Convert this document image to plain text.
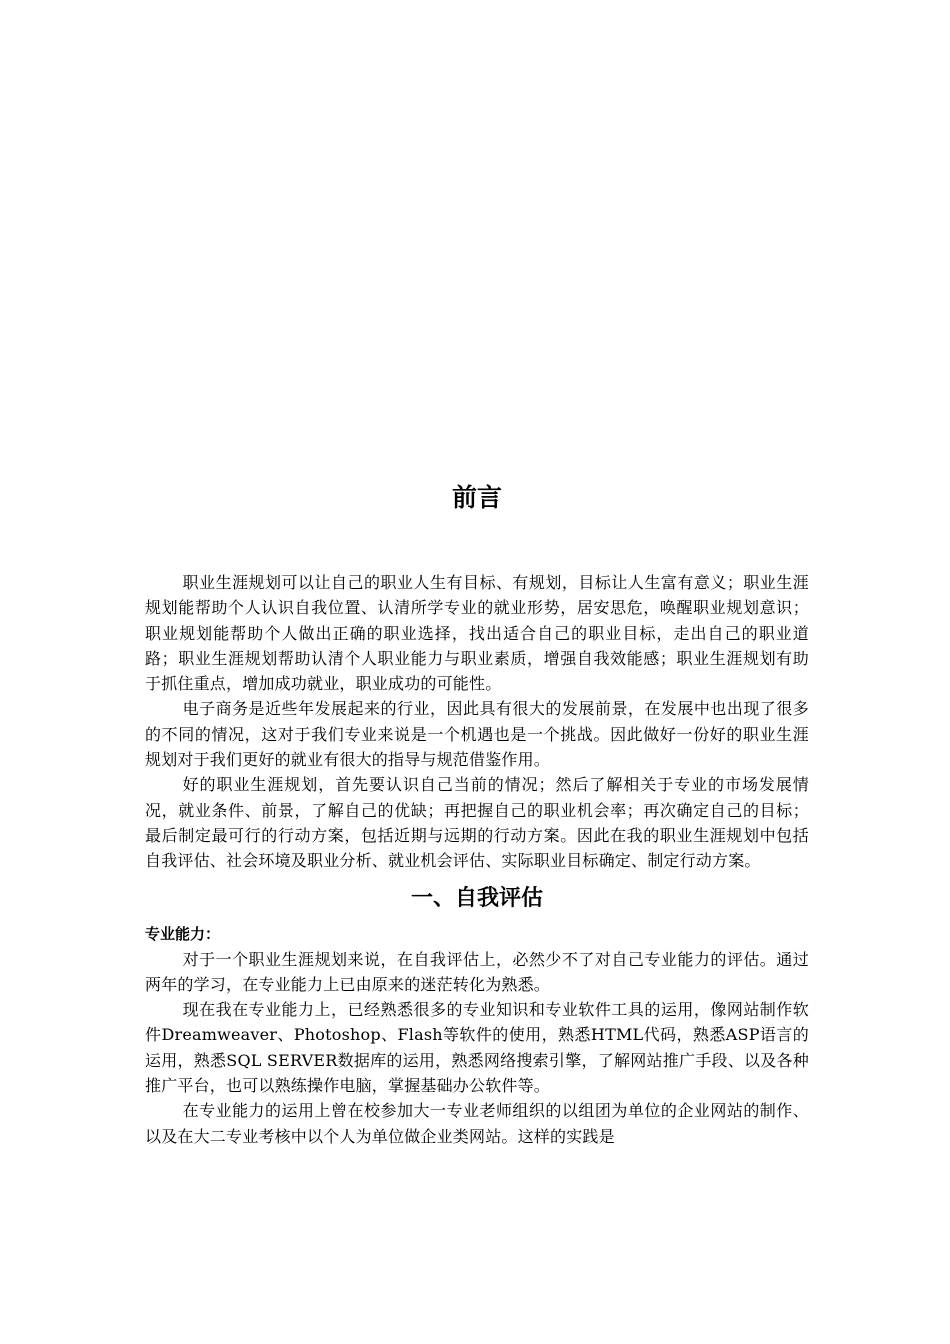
前言

职业生涯规划可以让自己的职业人生有目标、有规划，目标让人生富有意义；职业生涯规划能帮助个人认识自我位置、认清所学专业的就业形势，居安思危，唤醒职业规划意识；职业规划能帮助个人做出正确的职业选择，找出适合自己的职业目标，走出自己的职业道路；职业生涯规划帮助认清个人职业能力与职业素质，增强自我效能感；职业生涯规划有助于抓住重点，增加成功就业，职业成功的可能性。

电子商务是近些年发展起来的行业，因此具有很大的发展前景，在发展中也出现了很多的不同的情况，这对于我们专业来说是一个机遇也是一个挑战。因此做好一份好的职业生涯规划对于我们更好的就业有很大的指导与规范借鉴作用。

好的职业生涯规划，首先要认识自己当前的情况；然后了解相关于专业的市场发展情况，就业条件、前景，了解自己的优缺；再把握自己的职业机会率；再次确定自己的目标；最后制定最可行的行动方案，包括近期与远期的行动方案。因此在我的职业生涯规划中包括自我评估、社会环境及职业分析、就业机会评估、实际职业目标确定、制定行动方案。

一、自我评估
专业能力：

对于一个职业生涯规划来说，在自我评估上，必然少不了对自己专业能力的评估。通过两年的学习，在专业能力上已由原来的迷茫转化为熟悉。

现在我在专业能力上，已经熟悉很多的专业知识和专业软件工具的运用，像网站制作软件Dreamweaver、Photoshop、Flash等软件的使用，熟悉HTML代码，熟悉ASP语言的运用，熟悉SQL SERVER数据库的运用，熟悉网络搜索引擎，了解网站推广手段、以及各种推广平台，也可以熟练操作电脑，掌握基础办公软件等。

在专业能力的运用上曾在校参加大一专业老师组织的以组团为单位的企业网站的制作、以及在大二专业考核中以个人为单位做企业类网站。这样的实践是
